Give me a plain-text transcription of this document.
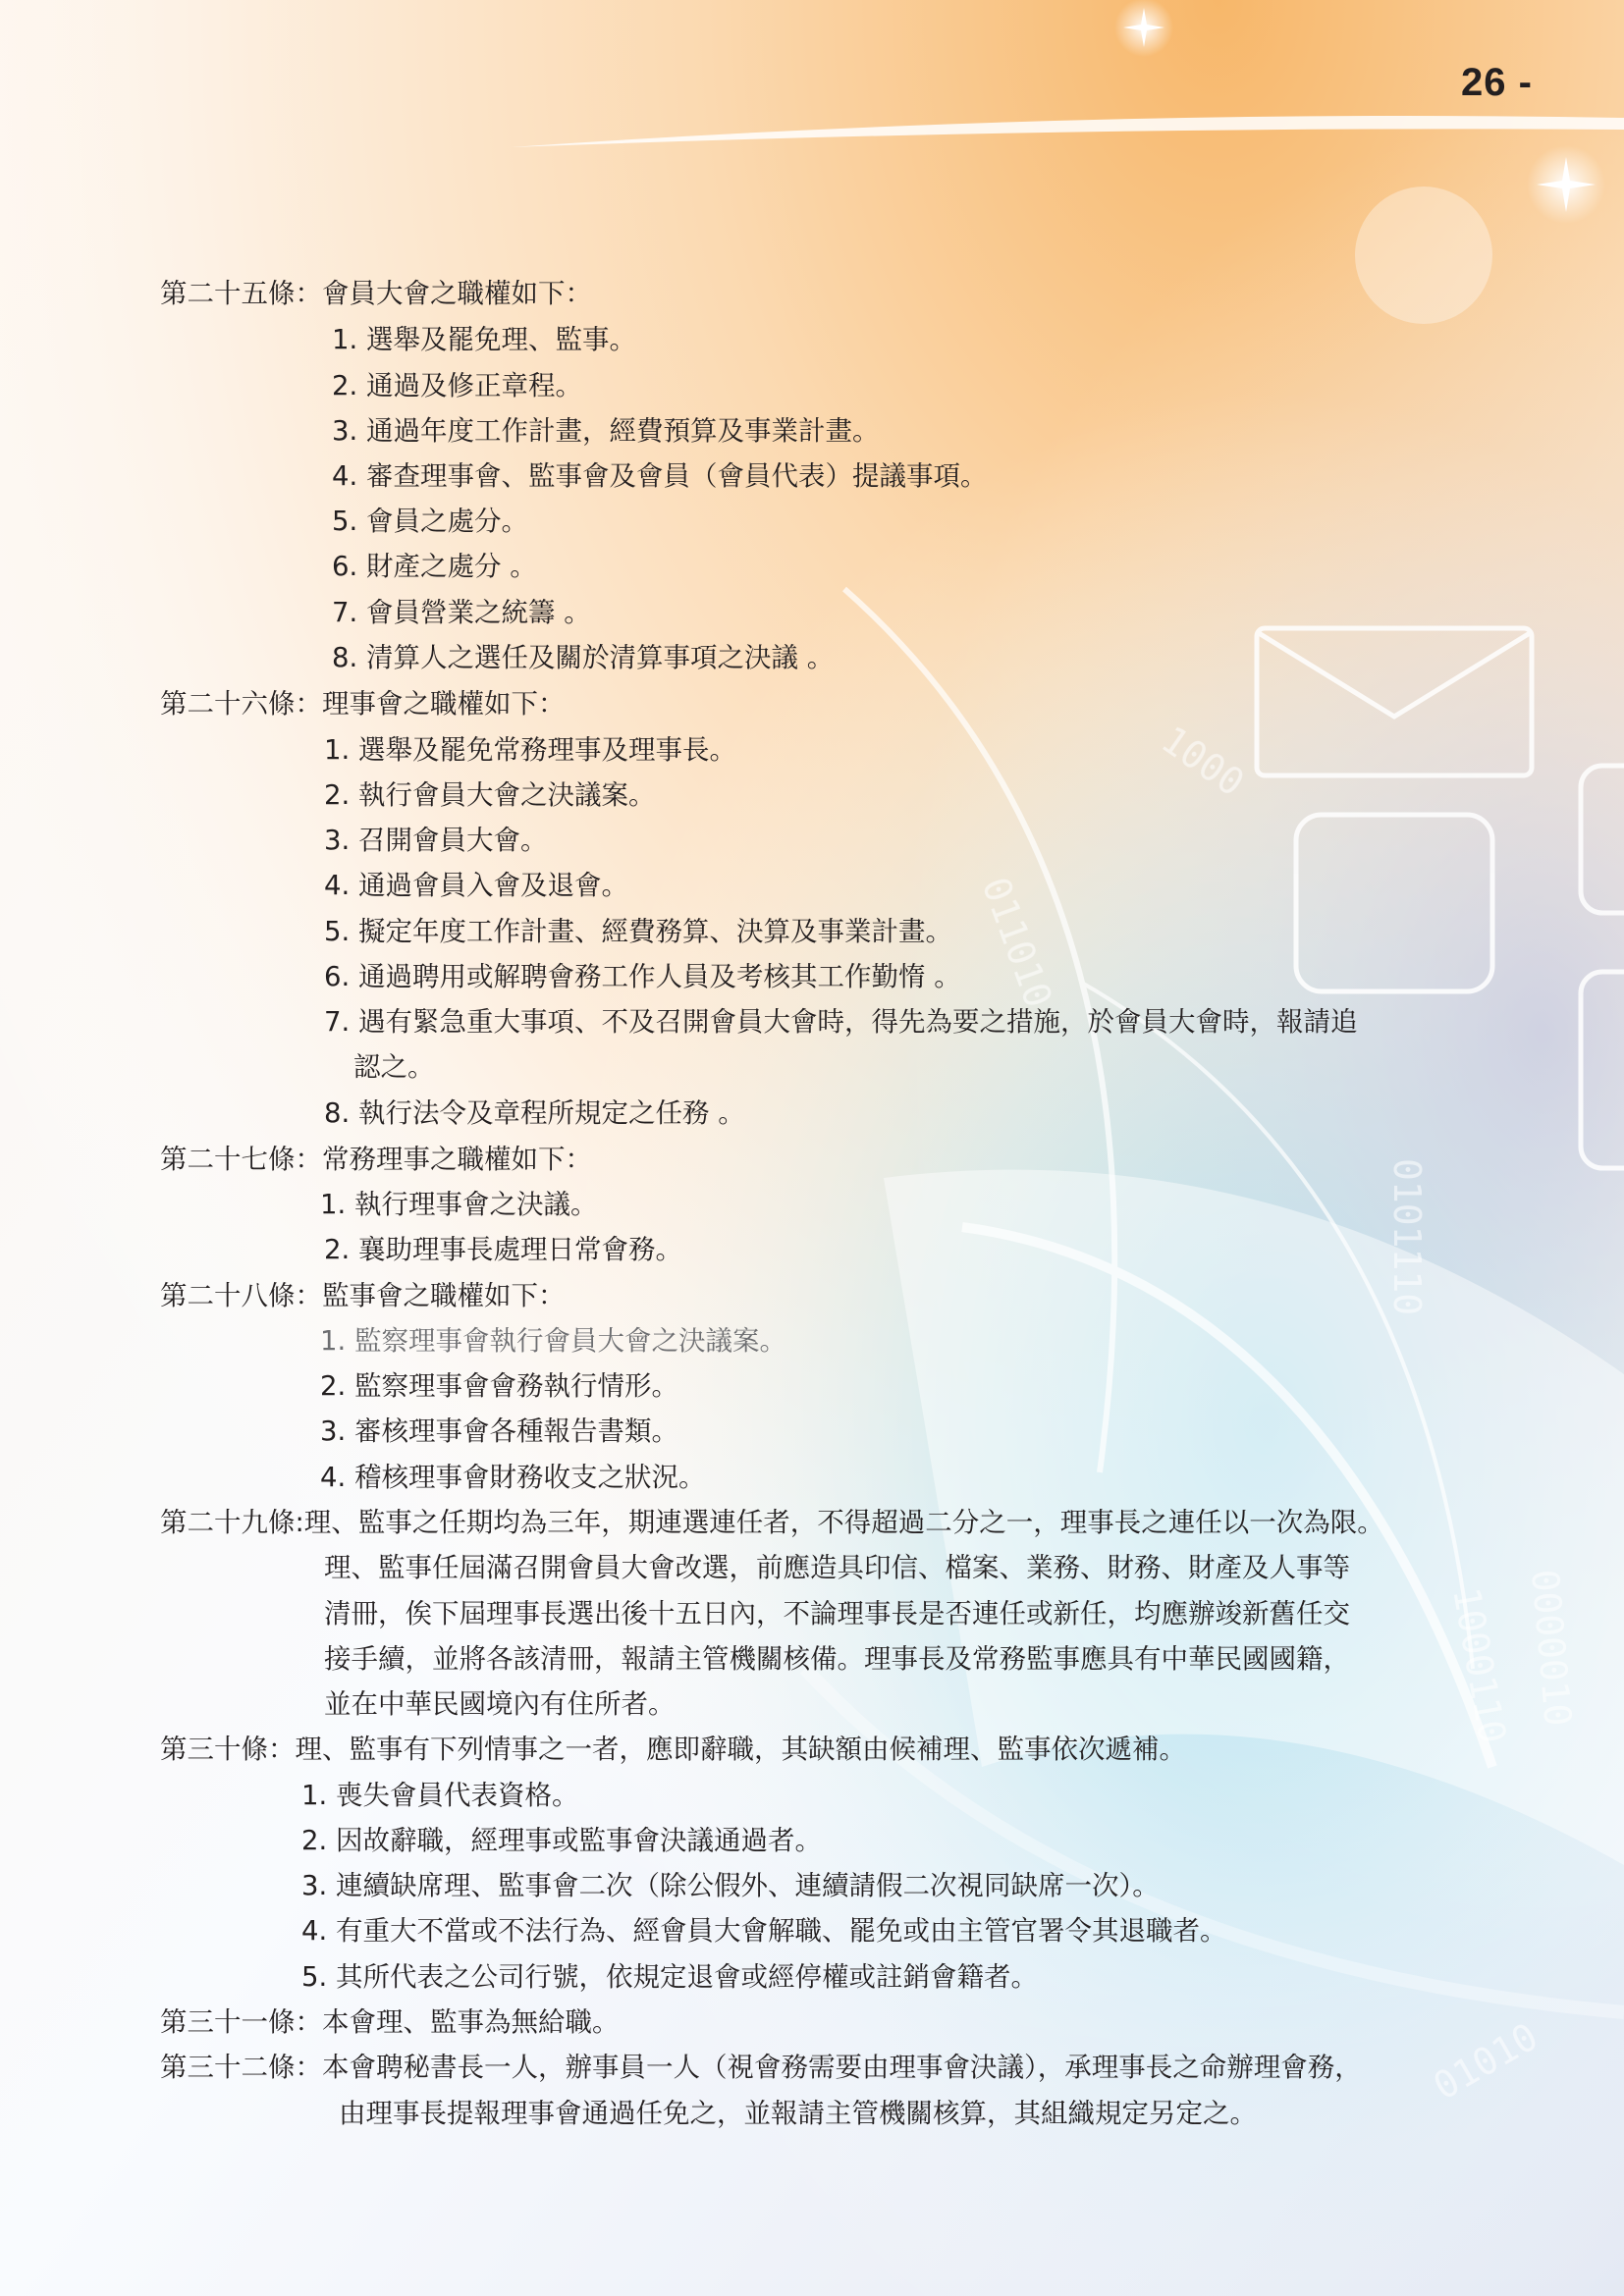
1000110 0000010
011010
1000
0101110
01010
26 -
第二十五條：會員大會之職權如下：
1. 選舉及罷免理、監事。
2. 通過及修正章程。
3. 通過年度工作計畫，經費預算及事業計畫。
4. 審查理事會、監事會及會員（會員代表）提議事項。
5. 會員之處分。
6. 財產之處分 。
7. 會員營業之統籌 。
8. 清算人之選任及關於清算事項之決議 。
第二十六條：理事會之職權如下：
1. 選舉及罷免常務理事及理事長。
2. 執行會員大會之決議案。
3. 召開會員大會。
4. 通過會員入會及退會。
5. 擬定年度工作計畫、經費務算、決算及事業計畫。
6. 通過聘用或解聘會務工作人員及考核其工作勤惰 。
7. 遇有緊急重大事項、不及召開會員大會時，得先為要之措施，於會員大會時，報請追
認之。
8. 執行法令及章程所規定之任務 。
第二十七條：常務理事之職權如下：
1. 執行理事會之決議。
2. 襄助理事長處理日常會務。
第二十八條：監事會之職權如下：
1. 監察理事會執行會員大會之決議案。
2. 監察理事會會務執行情形。
3. 審核理事會各種報告書類。
4. 稽核理事會財務收支之狀況。
第二十九條:理、監事之任期均為三年，期連選連任者，不得超過二分之一，理事長之連任以一次為限。
理、監事任屆滿召開會員大會改選，前應造具印信、檔案、業務、財務、財產及人事等
清冊，俟下屆理事長選出後十五日內，不論理事長是否連任或新任，均應辦竣新舊任交
接手續，並將各該清冊，報請主管機關核備。理事長及常務監事應具有中華民國國籍，
並在中華民國境內有住所者。
第三十條：理、監事有下列情事之一者，應即辭職，其缺額由候補理、監事依次遞補。
1. 喪失會員代表資格。
2. 因故辭職，經理事或監事會決議通過者。
3. 連續缺席理、監事會二次（除公假外、連續請假二次視同缺席一次）。
4. 有重大不當或不法行為、經會員大會解職、罷免或由主管官署令其退職者。
5. 其所代表之公司行號，依規定退會或經停權或註銷會籍者。
第三十一條：本會理、監事為無給職。
第三十二條：本會聘秘書長一人，辦事員一人（視會務需要由理事會決議），承理事長之命辦理會務，
由理事長提報理事會通過任免之，並報請主管機關核算，其組織規定另定之。
